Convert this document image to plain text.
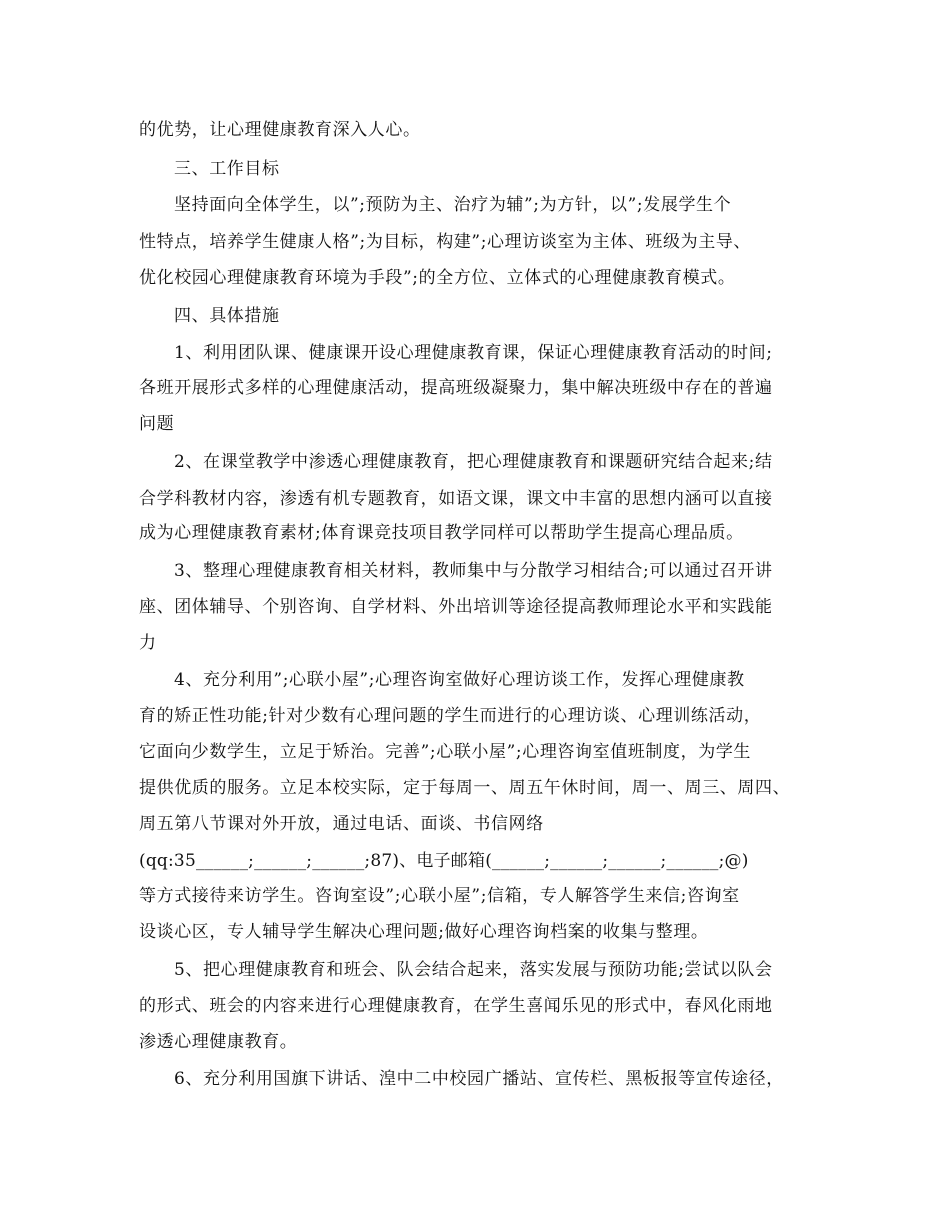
的优势，让心理健康教育深入人心。
三、工作目标
坚持面向全体学生，以”;预防为主、治疗为辅”;为方针，以”;发展学生个
性特点，培养学生健康人格”;为目标，构建”;心理访谈室为主体、班级为主导、
优化校园心理健康教育环境为手段”;的全方位、立体式的心理健康教育模式。
四、具体措施
1、利用团队课、健康课开设心理健康教育课，保证心理健康教育活动的时间;
各班开展形式多样的心理健康活动，提高班级凝聚力，集中解决班级中存在的普遍
问题
2、在课堂教学中渗透心理健康教育，把心理健康教育和课题研究结合起来;结
合学科教材内容，渗透有机专题教育，如语文课，课文中丰富的思想内涵可以直接
成为心理健康教育素材;体育课竞技项目教学同样可以帮助学生提高心理品质。
3、整理心理健康教育相关材料，教师集中与分散学习相结合;可以通过召开讲
座、团体辅导、个别咨询、自学材料、外出培训等途径提高教师理论水平和实践能
力
4、充分利用”;心联小屋”;心理咨询室做好心理访谈工作，发挥心理健康教
育的矫正性功能;针对少数有心理问题的学生而进行的心理访谈、心理训练活动，
它面向少数学生，立足于矫治。完善”;心联小屋”;心理咨询室值班制度，为学生
提供优质的服务。立足本校实际，定于每周一、周五午休时间，周一、周三、周四、
周五第八节课对外开放，通过电话、面谈、书信网络
(qq:35______;______;______;87)、电子邮箱(______;______;______;______;@)
等方式接待来访学生。咨询室设”;心联小屋”;信箱，专人解答学生来信;咨询室
设谈心区，专人辅导学生解决心理问题;做好心理咨询档案的收集与整理。
5、把心理健康教育和班会、队会结合起来，落实发展与预防功能;尝试以队会
的形式、班会的内容来进行心理健康教育，在学生喜闻乐见的形式中，春风化雨地
渗透心理健康教育。
6、充分利用国旗下讲话、湟中二中校园广播站、宣传栏、黑板报等宣传途径，
